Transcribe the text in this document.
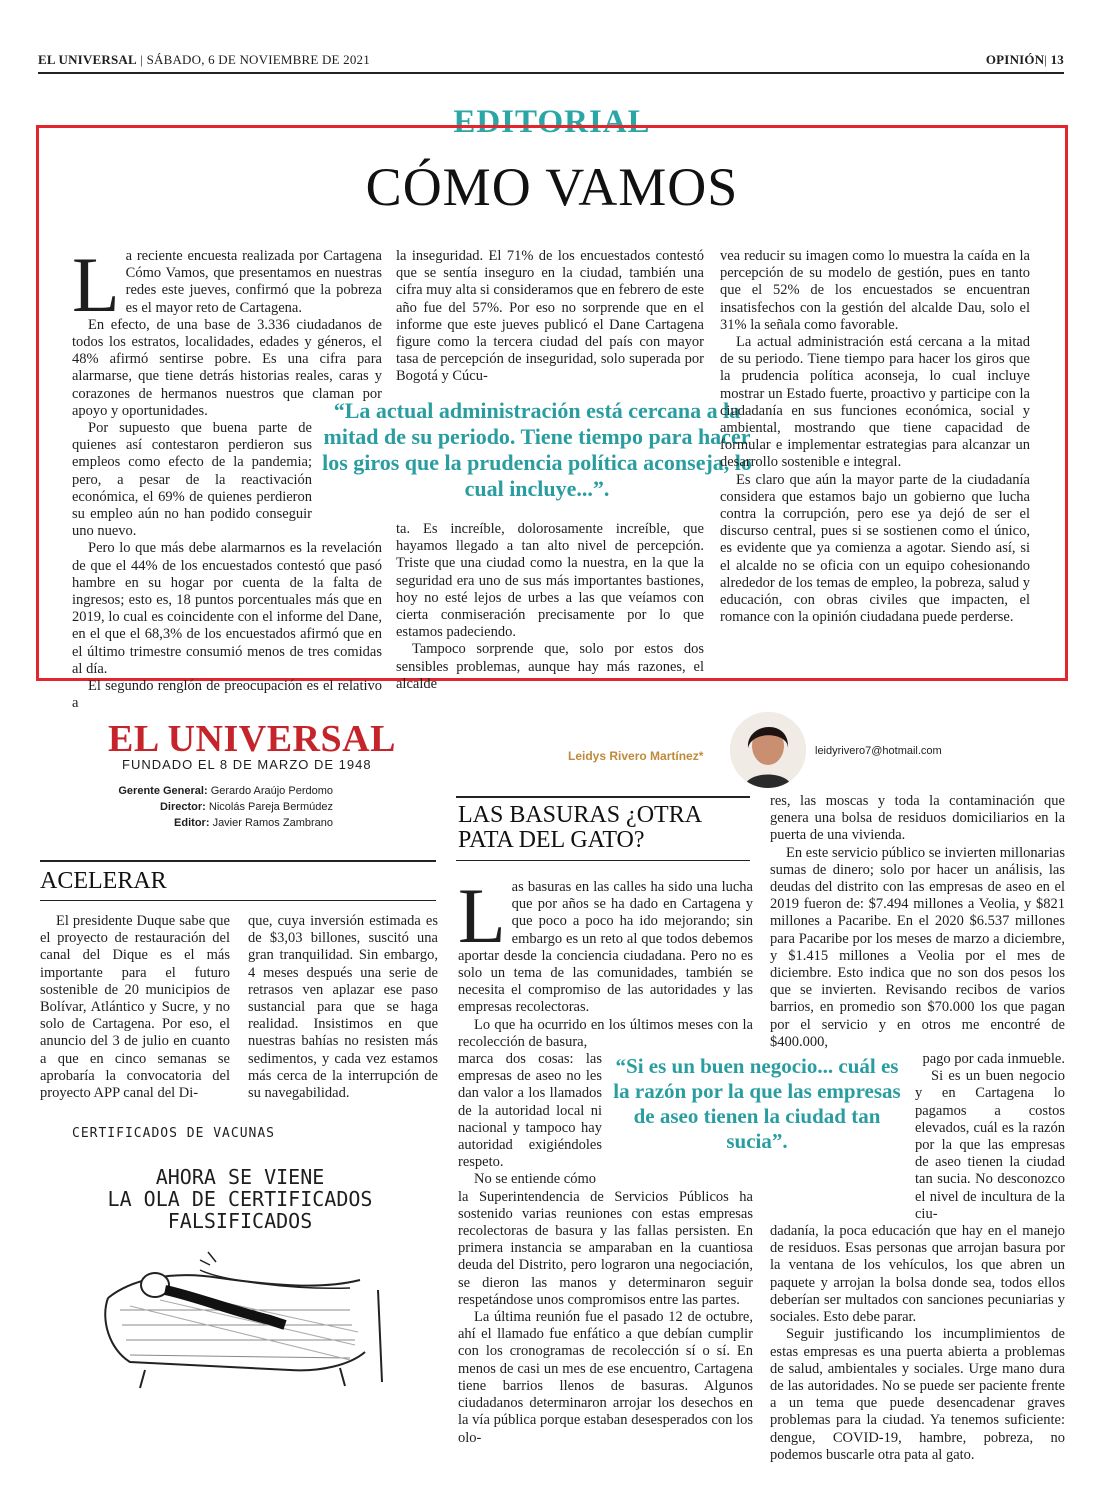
EL UNIVERSAL | SÁBADO, 6 DE NOVIEMBRE DE 2021	OPINIÓN| 13
EDITORIAL
CÓMO VAMOS

La reciente encuesta realizada por Cartagena Cómo Vamos, que presentamos en nuestras redes este jueves, confirmó que la pobreza es el mayor reto de Cartagena.

En efecto, de una base de 3.336 ciudadanos de todos los estratos, localidades, edades y géneros, el 48% afirmó sentirse pobre. Es una cifra para alarmarse, que tiene detrás historias reales, caras y corazones de hermanos nuestros que claman por apoyo y oportunidades.

Por supuesto que buena parte de quienes así contestaron perdieron sus empleos como efecto de la pandemia; pero, a pesar de la reactivación económica, el 69% de quienes perdieron su empleo aún no han podido conseguir uno nuevo.

Pero lo que más debe alarmarnos es la revelación de que el 44% de los encuestados contestó que pasó hambre en su hogar por cuenta de la falta de ingresos; esto es, 18 puntos porcentuales más que en 2019, lo cual es coincidente con el informe del Dane, en el que el 68,3% de los encuestados afirmó que en el último trimestre consumió menos de tres comidas al día.

El segundo renglón de preocupación es el relativo a

la inseguridad. El 71% de los encuestados contestó que se sentía inseguro en la ciudad, también una cifra muy alta si consideramos que en febrero de este año fue del 57%. Por eso no sorprende que en el informe que este jueves publicó el Dane Cartagena figure como la tercera ciudad del país con mayor tasa de percepción de inseguridad, solo superada por Bogotá y Cúcu-

“La actual administración está cercana a la mitad de su periodo. Tiene tiempo para hacer los giros que la prudencia política aconseja, lo cual incluye...”.

ta. Es increíble, dolorosamente increíble, que hayamos llegado a tan alto nivel de percepción. Triste que una ciudad como la nuestra, en la que la seguridad era uno de sus más importantes bastiones, hoy no esté lejos de urbes a las que veíamos con cierta conmiseración precisamente por lo que estamos padeciendo.

Tampoco sorprende que, solo por estos dos sensibles problemas, aunque hay más razones, el alcalde

vea reducir su imagen como lo muestra la caída en la percepción de su modelo de gestión, pues en tanto que el 52% de los encuestados se encuentran insatisfechos con la gestión del alcalde Dau, solo el 31% la señala como favorable.

La actual administración está cercana a la mitad de su periodo. Tiene tiempo para hacer los giros que la prudencia política aconseja, lo cual incluye mostrar un Estado fuerte, proactivo y participe con la ciudadanía en sus funciones económica, social y ambiental, mostrando que tiene capacidad de formular e implementar estrategias para alcanzar un desarrollo sostenible e integral.

Es claro que aún la mayor parte de la ciudadanía considera que estamos bajo un gobierno que lucha contra la corrupción, pero ese ya dejó de ser el discurso central, pues si se sostienen como el único, es evidente que ya comienza a agotar. Siendo así, si el alcalde no se oficia con un equipo cohesionando alrededor de los temas de empleo, la pobreza, salud y educación, con obras civiles que impacten, el romance con la opinión ciudadana puede perderse.

EL UNIVERSAL
FUNDADO EL 8 DE MARZO DE 1948
Gerente General: Gerardo Araújo Perdomo
Director: Nicolás Pareja Bermúdez
Editor: Javier Ramos Zambrano
ACELERAR

El presidente Duque sabe que el proyecto de restauración del canal del Dique es el más importante para el futuro sostenible de 20 municipios de Bolívar, Atlántico y Sucre, y no solo de Cartagena. Por eso, el anuncio del 3 de julio en cuanto a que en cinco semanas se aprobaría la convocatoria del proyecto APP canal del Di-

que, cuya inversión estimada es de $3,03 billones, suscitó una gran tranquilidad. Sin embargo, 4 meses después una serie de retrasos ven aplazar ese paso sustancial para que se haga realidad. Insistimos en que nuestras bahías no resisten más sedimentos, y cada vez estamos más cerca de la interrupción de su navegabilidad.

CERTIFICADOS DE VACUNAS
AHORA SE VIENE
LA OLA DE CERTIFICADOS
FALSIFICADOS
Leidys Rivero Martínez*	leidyrivero7@hotmail.com
LAS BASURAS ¿OTRA
PATA DEL GATO?

Las basuras en las calles ha sido una lucha que por años se ha dado en Cartagena y que poco a poco ha ido mejorando; sin embargo es un reto al que todos debemos aportar desde la conciencia ciudadana. Pero no es solo un tema de las comunidades, también se necesita el compromiso de las autoridades y las empresas recolectoras.

Lo que ha ocurrido en los últimos meses con la recolección de basura,

marca dos cosas: las empresas de aseo no les dan valor a los llamados de la autoridad local ni nacional y tampoco hay autoridad exigiéndoles respeto.

No se entiende cómo

la Superintendencia de Servicios Públicos ha sostenido varias reuniones con estas empresas recolectoras de basura y las fallas persisten. En primera instancia se amparaban en la cuantiosa deuda del Distrito, pero lograron una negociación, se dieron las manos y determinaron seguir respetándose unos compromisos entre las partes.

La última reunión fue el pasado 12 de octubre, ahí el llamado fue enfático a que debían cumplir con los cronogramas de recolección sí o sí. En menos de casi un mes de ese encuentro, Cartagena tiene barrios llenos de basuras. Algunos ciudadanos determinaron arrojar los desechos en la vía pública porque estaban desesperados con los olo-

“Si es un buen negocio... cuál es la razón por la que las empresas de aseo tienen la ciudad tan sucia”.

res, las moscas y toda la contaminación que genera una bolsa de residuos domiciliarios en la puerta de una vivienda.

En este servicio público se invierten millonarias sumas de dinero; solo por hacer un análisis, las deudas del distrito con las empresas de aseo en el 2019 fueron de: $7.494 millones a Veolia, y $821 millones a Pacaribe. En el 2020 $6.537 millones para Pacaribe por los meses de marzo a diciembre, y $1.415 millones a Veolia por el mes de diciembre. Esto indica que no son dos pesos los que se invierten. Revisando recibos de varios barrios, en promedio son $70.000 los que pagan por el servicio y en otros me encontré de $400.000,

pago por cada inmueble.

Si es un buen negocio y en Cartagena lo pagamos a costos elevados, cuál es la razón por la que las empresas de aseo tienen la ciudad tan sucia. No desconozco el nivel de incultura de la ciu-

dadanía, la poca educación que hay en el manejo de residuos. Esas personas que arrojan basura por la ventana de los vehículos, los que abren un paquete y arrojan la bolsa donde sea, todos ellos deberían ser multados con sanciones pecuniarias y sociales. Esto debe parar.

Seguir justificando los incumplimientos de estas empresas es una puerta abierta a problemas de salud, ambientales y sociales. Urge mano dura de las autoridades. No se puede ser paciente frente a un tema que puede desencadenar graves problemas para la ciudad. Ya tenemos suficiente: dengue, COVID-19, hambre, pobreza, no podemos buscarle otra pata al gato.
